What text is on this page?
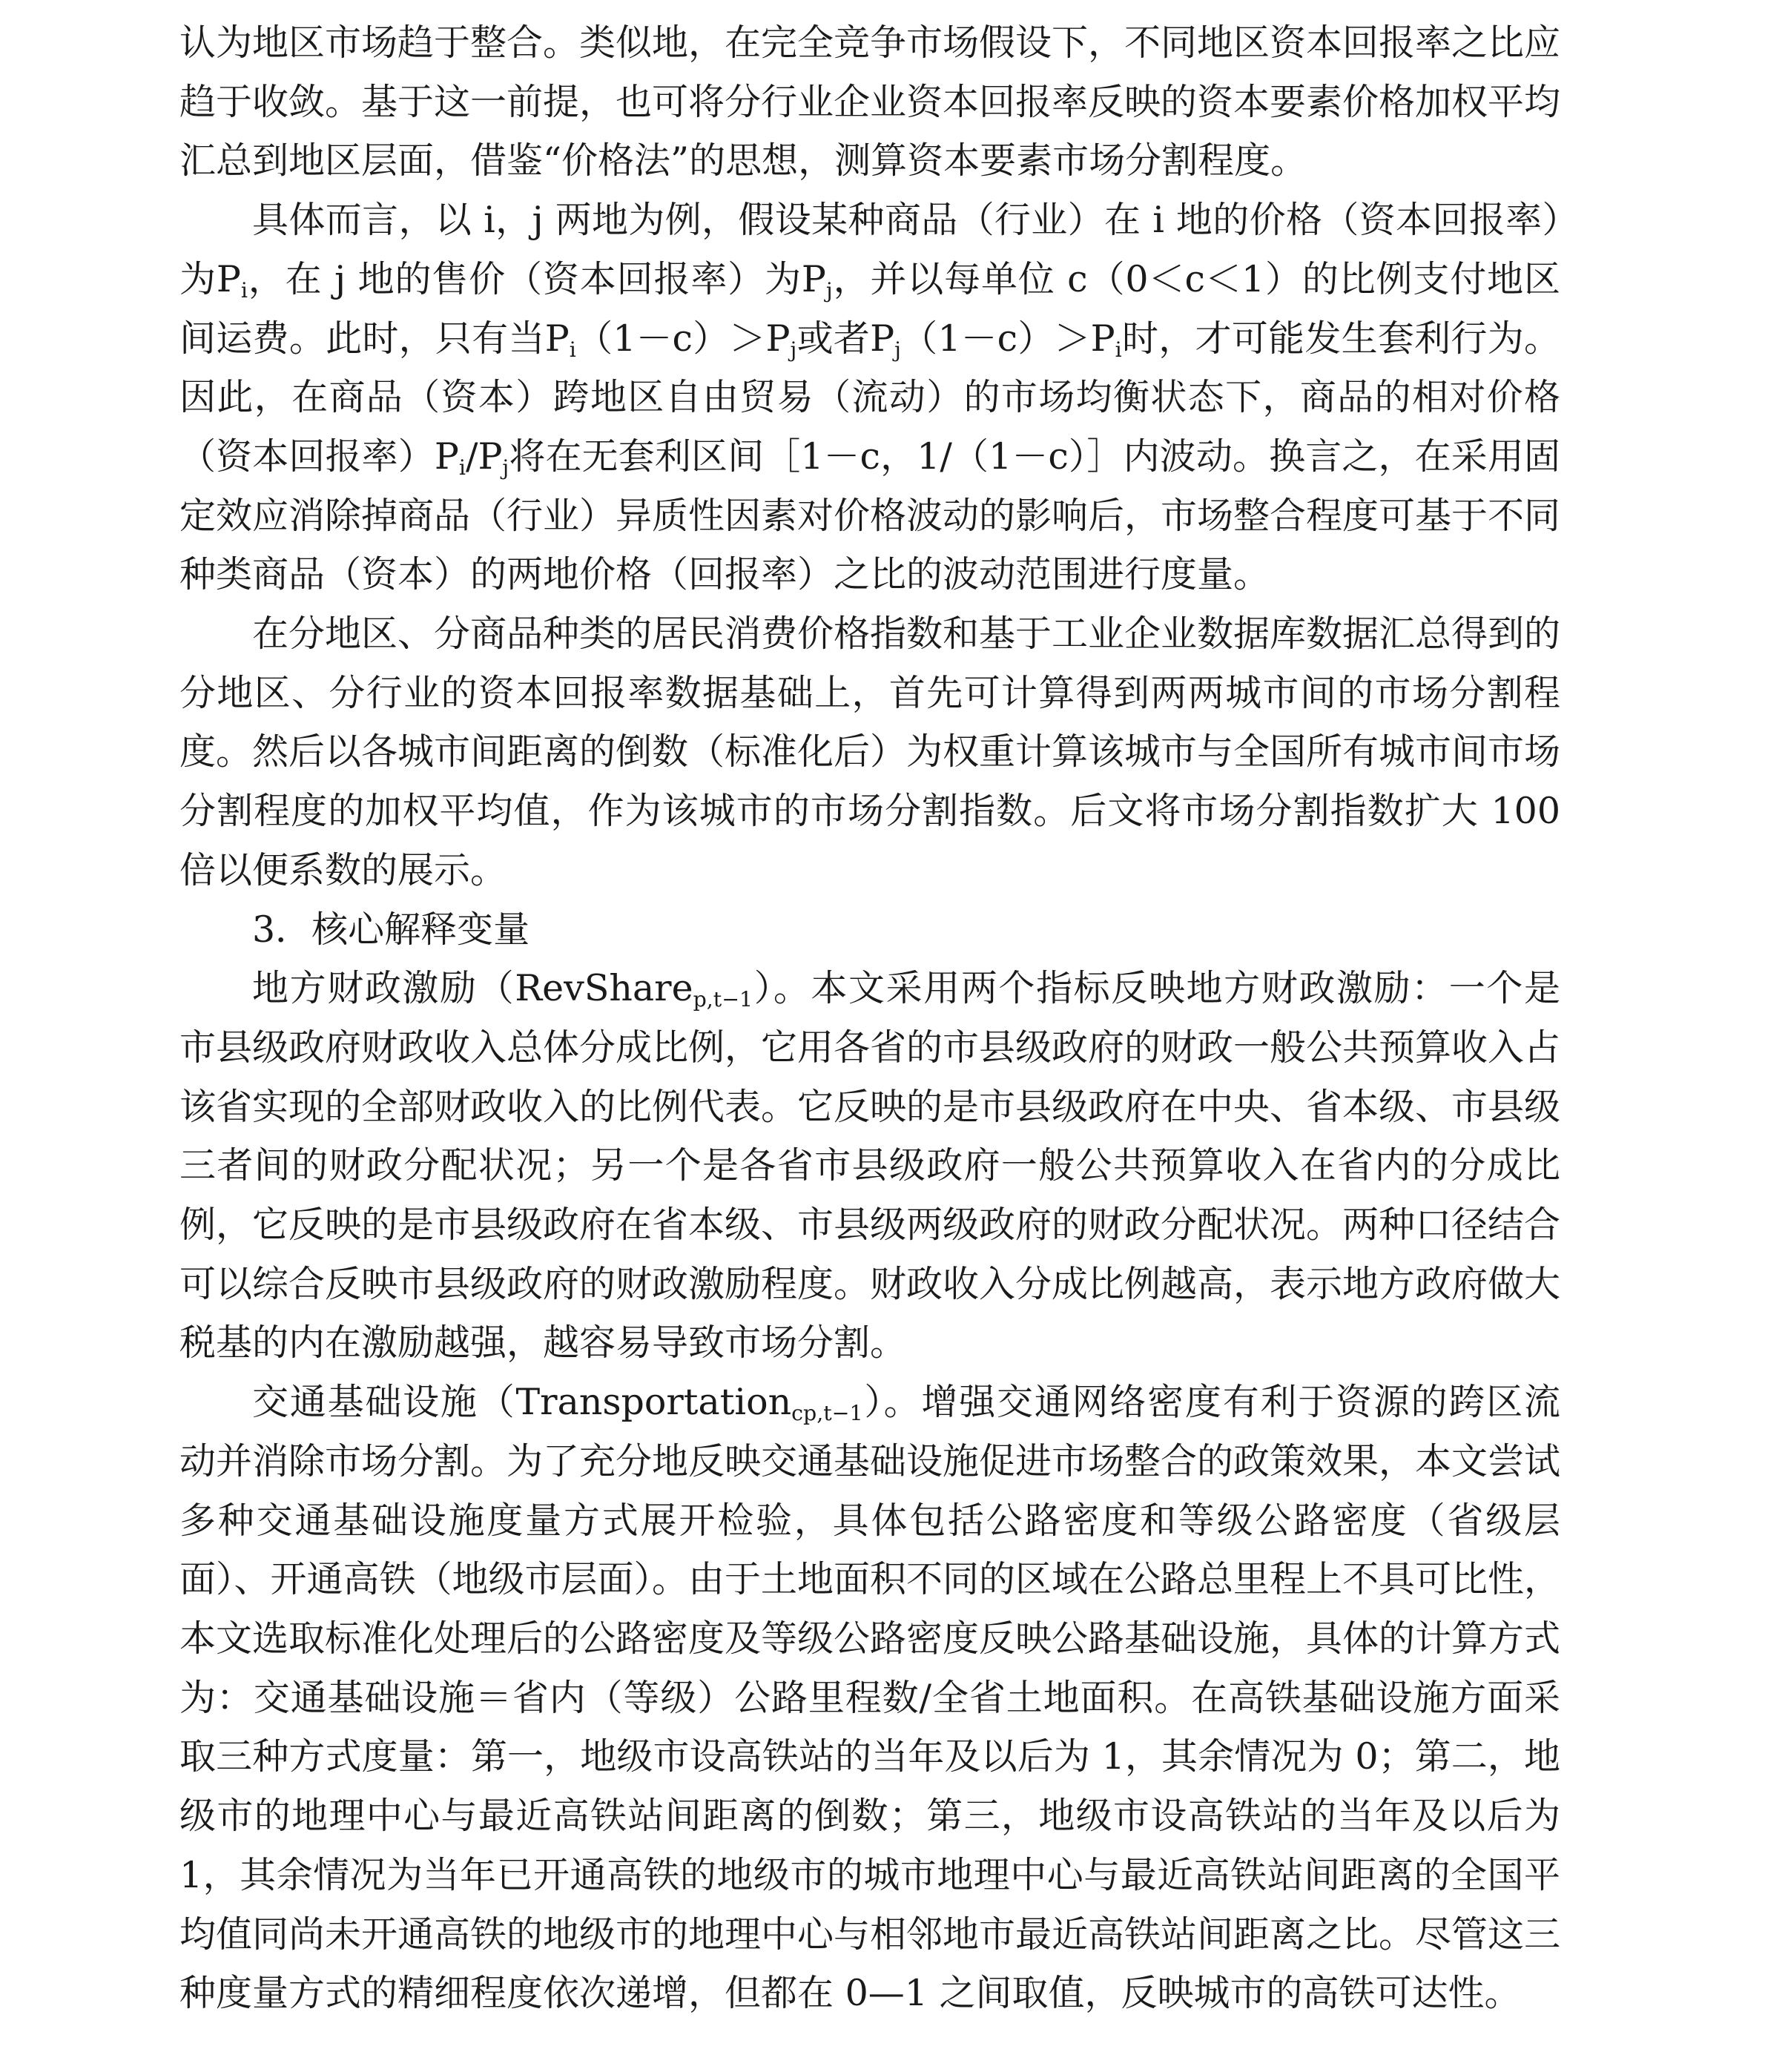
认为地区市场趋于整合。类似地，在完全竞争市场假设下，不同地区资本回报率之比应趋于收敛。基于这一前提，也可将分行业企业资本回报率反映的资本要素价格加权平均汇总到地区层面，借鉴“价格法”的思想，测算资本要素市场分割程度。

具体而言，以 i，j 两地为例，假设某种商品（行业）在 i 地的价格（资本回报率）为$P_i$，在 j 地的售价（资本回报率）为$P_j$，并以每单位 c（0＜c＜1）的比例支付地区间运费。此时，只有当$P_i(1-c)>P_j$或者$P_j(1-c)>P_i$时，才可能发生套利行为。因此，在商品（资本）跨地区自由贸易（流动）的市场均衡状态下，商品的相对价格（资本回报率）$P_i/P_j$将在无套利区间［1－c，1/（1－c）］内波动。换言之，在采用固定效应消除掉商品（行业）异质性因素对价格波动的影响后，市场整合程度可基于不同种类商品（资本）的两地价格（回报率）之比的波动范围进行度量。

在分地区、分商品种类的居民消费价格指数和基于工业企业数据库数据汇总得到的分地区、分行业的资本回报率数据基础上，首先可计算得到两两城市间的市场分割程度。然后以各城市间距离的倒数（标准化后）为权重计算该城市与全国所有城市间市场分割程度的加权平均值，作为该城市的市场分割指数。后文将市场分割指数扩大 100 倍以便系数的展示。

3．核心解释变量

地方财政激励（RevShare$_{p,t-1}$）。本文采用两个指标反映地方财政激励：一个是市县级政府财政收入总体分成比例，它用各省的市县级政府的财政一般公共预算收入占该省实现的全部财政收入的比例代表。它反映的是市县级政府在中央、省本级、市县级三者间的财政分配状况；另一个是各省市县级政府一般公共预算收入在省内的分成比例，它反映的是市县级政府在省本级、市县级两级政府的财政分配状况。两种口径结合可以综合反映市县级政府的财政激励程度。财政收入分成比例越高，表示地方政府做大税基的内在激励越强，越容易导致市场分割。

交通基础设施（Transportation$_{cp,t-1}$）。增强交通网络密度有利于资源的跨区流动并消除市场分割。为了充分地反映交通基础设施促进市场整合的政策效果，本文尝试多种交通基础设施度量方式展开检验，具体包括公路密度和等级公路密度（省级层面）、开通高铁（地级市层面）。由于土地面积不同的区域在公路总里程上不具可比性，本文选取标准化处理后的公路密度及等级公路密度反映公路基础设施，具体的计算方式为：交通基础设施＝省内（等级）公路里程数/全省土地面积。在高铁基础设施方面采取三种方式度量：第一，地级市设高铁站的当年及以后为 1，其余情况为 0；第二，地级市的地理中心与最近高铁站间距离的倒数；第三，地级市设高铁站的当年及以后为 1，其余情况为当年已开通高铁的地级市的城市地理中心与最近高铁站间距离的全国平均值同尚未开通高铁的地级市的地理中心与相邻地市最近高铁站间距离之比。尽管这三种度量方式的精细程度依次递增，但都在 0—1 之间取值，反映城市的高铁可达性。
